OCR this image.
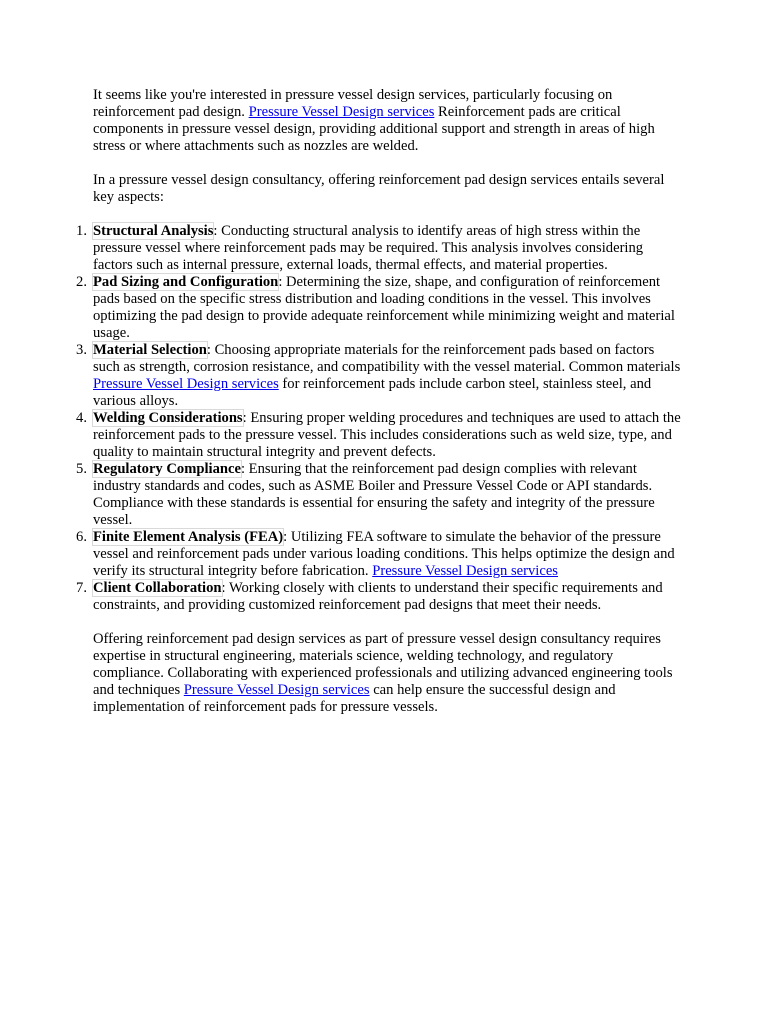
It seems like you're interested in pressure vessel design services, particularly focusing on reinforcement pad design. Pressure Vessel Design services Reinforcement pads are critical components in pressure vessel design, providing additional support and strength in areas of high stress or where attachments such as nozzles are welded.

In a pressure vessel design consultancy, offering reinforcement pad design services entails several key aspects:

1. Structural Analysis: Conducting structural analysis to identify areas of high stress within the pressure vessel where reinforcement pads may be required. This analysis involves considering factors such as internal pressure, external loads, thermal effects, and material properties.
2. Pad Sizing and Configuration: Determining the size, shape, and configuration of reinforcement pads based on the specific stress distribution and loading conditions in the vessel. This involves optimizing the pad design to provide adequate reinforcement while minimizing weight and material usage.
3. Material Selection: Choosing appropriate materials for the reinforcement pads based on factors such as strength, corrosion resistance, and compatibility with the vessel material. Common materials Pressure Vessel Design services for reinforcement pads include carbon steel, stainless steel, and various alloys.
4. Welding Considerations: Ensuring proper welding procedures and techniques are used to attach the reinforcement pads to the pressure vessel. This includes considerations such as weld size, type, and quality to maintain structural integrity and prevent defects.
5. Regulatory Compliance: Ensuring that the reinforcement pad design complies with relevant industry standards and codes, such as ASME Boiler and Pressure Vessel Code or API standards. Compliance with these standards is essential for ensuring the safety and integrity of the pressure vessel.
6. Finite Element Analysis (FEA): Utilizing FEA software to simulate the behavior of the pressure vessel and reinforcement pads under various loading conditions. This helps optimize the design and verify its structural integrity before fabrication. Pressure Vessel Design services
7. Client Collaboration: Working closely with clients to understand their specific requirements and constraints, and providing customized reinforcement pad designs that meet their needs.

Offering reinforcement pad design services as part of pressure vessel design consultancy requires expertise in structural engineering, materials science, welding technology, and regulatory compliance. Collaborating with experienced professionals and utilizing advanced engineering tools and techniques Pressure Vessel Design services can help ensure the successful design and implementation of reinforcement pads for pressure vessels.
